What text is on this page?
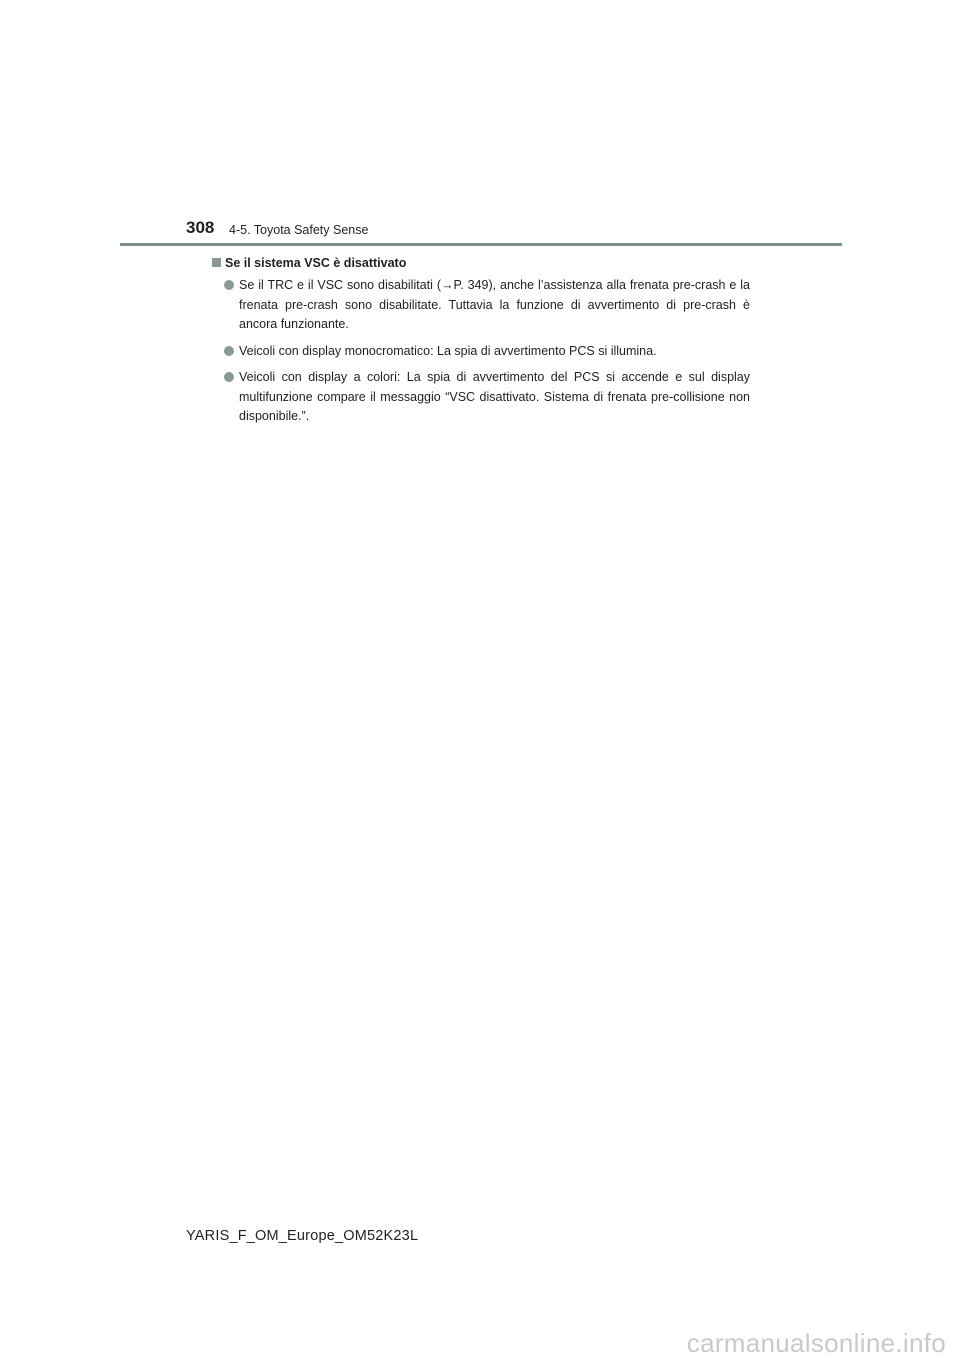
308 4-5. Toyota Safety Sense
Se il sistema VSC è disattivato
Se il TRC e il VSC sono disabilitati (→P. 349), anche l’assistenza alla frenata pre-crash e la frenata pre-crash sono disabilitate. Tuttavia la funzione di avvertimento di pre-crash è ancora funzionante.
Veicoli con display monocromatico: La spia di avvertimento PCS si illumina.
Veicoli con display a colori: La spia di avvertimento del PCS si accende e sul display multifunzione compare il messaggio “VSC disattivato. Sistema di frenata pre-collisione non disponibile.”.
YARIS_F_OM_Europe_OM52K23L
carmanualsonline.info
